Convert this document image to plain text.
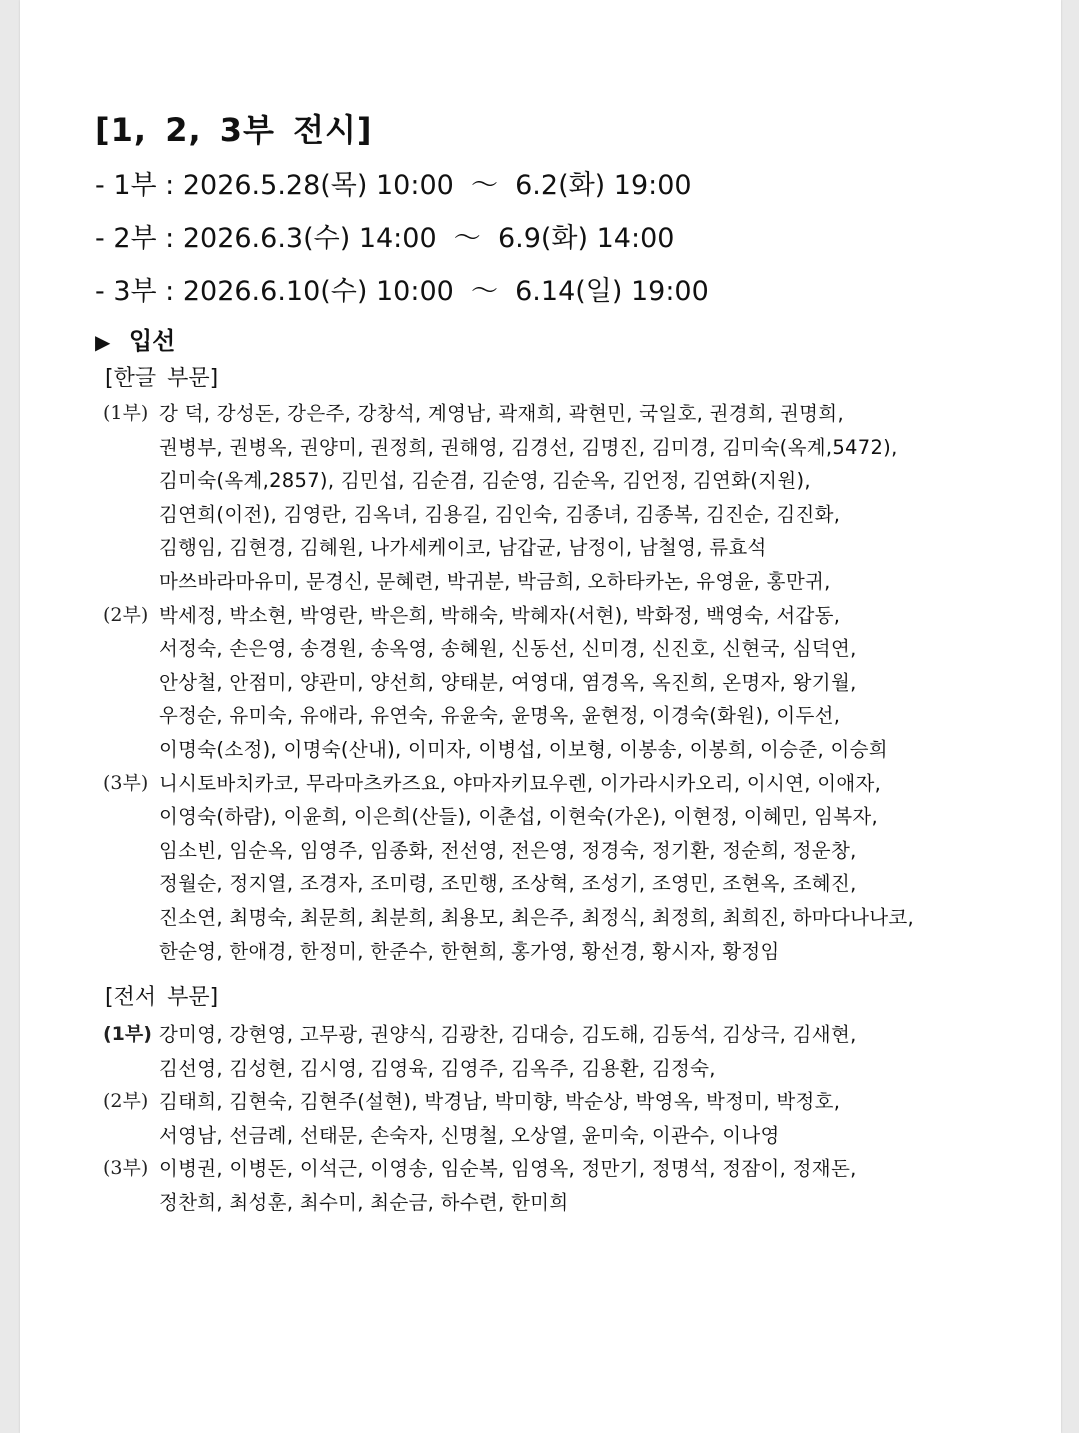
[1, 2, 3부 전시]
- 1부 : 2026.5.28(목) 10:00  ～  6.2(화) 19:00
- 2부 : 2026.6.3(수) 14:00  ～  6.9(화) 14:00
- 3부 : 2026.6.10(수) 10:00  ～  6.14(일) 19:00
▶ 입선
[한글 부문]
(1부) 강 덕, 강성돈, 강은주, 강창석, 계영남, 곽재희, 곽현민, 국일호, 권경희, 권명희,
권병부, 권병옥, 권양미, 권정희, 권해영, 김경선, 김명진, 김미경, 김미숙(옥계,5472),
김미숙(옥계,2857), 김민섭, 김순겸, 김순영, 김순옥, 김언정, 김연화(지원),
김연희(이전), 김영란, 김옥녀, 김용길, 김인숙, 김종녀, 김종복, 김진순, 김진화,
김행임, 김현경, 김혜원, 나가세케이코, 남갑균, 남정이, 남철영, 류효석
마쓰바라마유미, 문경신, 문혜련, 박귀분, 박금희, 오하타카논, 유영윤, 홍만귀,
(2부) 박세정, 박소현, 박영란, 박은희, 박해숙, 박혜자(서현), 박화정, 백영숙, 서갑동,
서정숙, 손은영, 송경원, 송옥영, 송혜원, 신동선, 신미경, 신진호, 신현국, 심덕연,
안상철, 안점미, 양관미, 양선희, 양태분, 여영대, 염경옥, 옥진희, 온명자, 왕기월,
우정순, 유미숙, 유애라, 유연숙, 유윤숙, 윤명옥, 윤현정, 이경숙(화원), 이두선,
이명숙(소정), 이명숙(산내), 이미자, 이병섭, 이보형, 이봉송, 이봉희, 이승준, 이승희
(3부) 니시토바치카코, 무라마츠카즈요, 야마자키묘우렌, 이가라시카오리, 이시연, 이애자,
이영숙(하람), 이윤희, 이은희(산들), 이춘섭, 이현숙(가온), 이현정, 이혜민, 임복자,
임소빈, 임순옥, 임영주, 임종화, 전선영, 전은영, 정경숙, 정기환, 정순희, 정운창,
정월순, 정지열, 조경자, 조미령, 조민행, 조상혁, 조성기, 조영민, 조현옥, 조혜진,
진소연, 최명숙, 최문희, 최분희, 최용모, 최은주, 최정식, 최정희, 최희진, 하마다나나코,
한순영, 한애경, 한정미, 한준수, 한현희, 홍가영, 황선경, 황시자, 황정임
[전서 부문]
(1부) 강미영, 강현영, 고무광, 권양식, 김광찬, 김대승, 김도해, 김동석, 김상극, 김새현,
김선영, 김성현, 김시영, 김영육, 김영주, 김옥주, 김용환, 김정숙,
(2부) 김태희, 김현숙, 김현주(설현), 박경남, 박미향, 박순상, 박영옥, 박정미, 박정호,
서영남, 선금례, 선태문, 손숙자, 신명철, 오상열, 윤미숙, 이관수, 이나영
(3부) 이병권, 이병돈, 이석근, 이영송, 임순복, 임영옥, 정만기, 정명석, 정잠이, 정재돈,
정찬희, 최성훈, 최수미, 최순금, 하수련, 한미희
